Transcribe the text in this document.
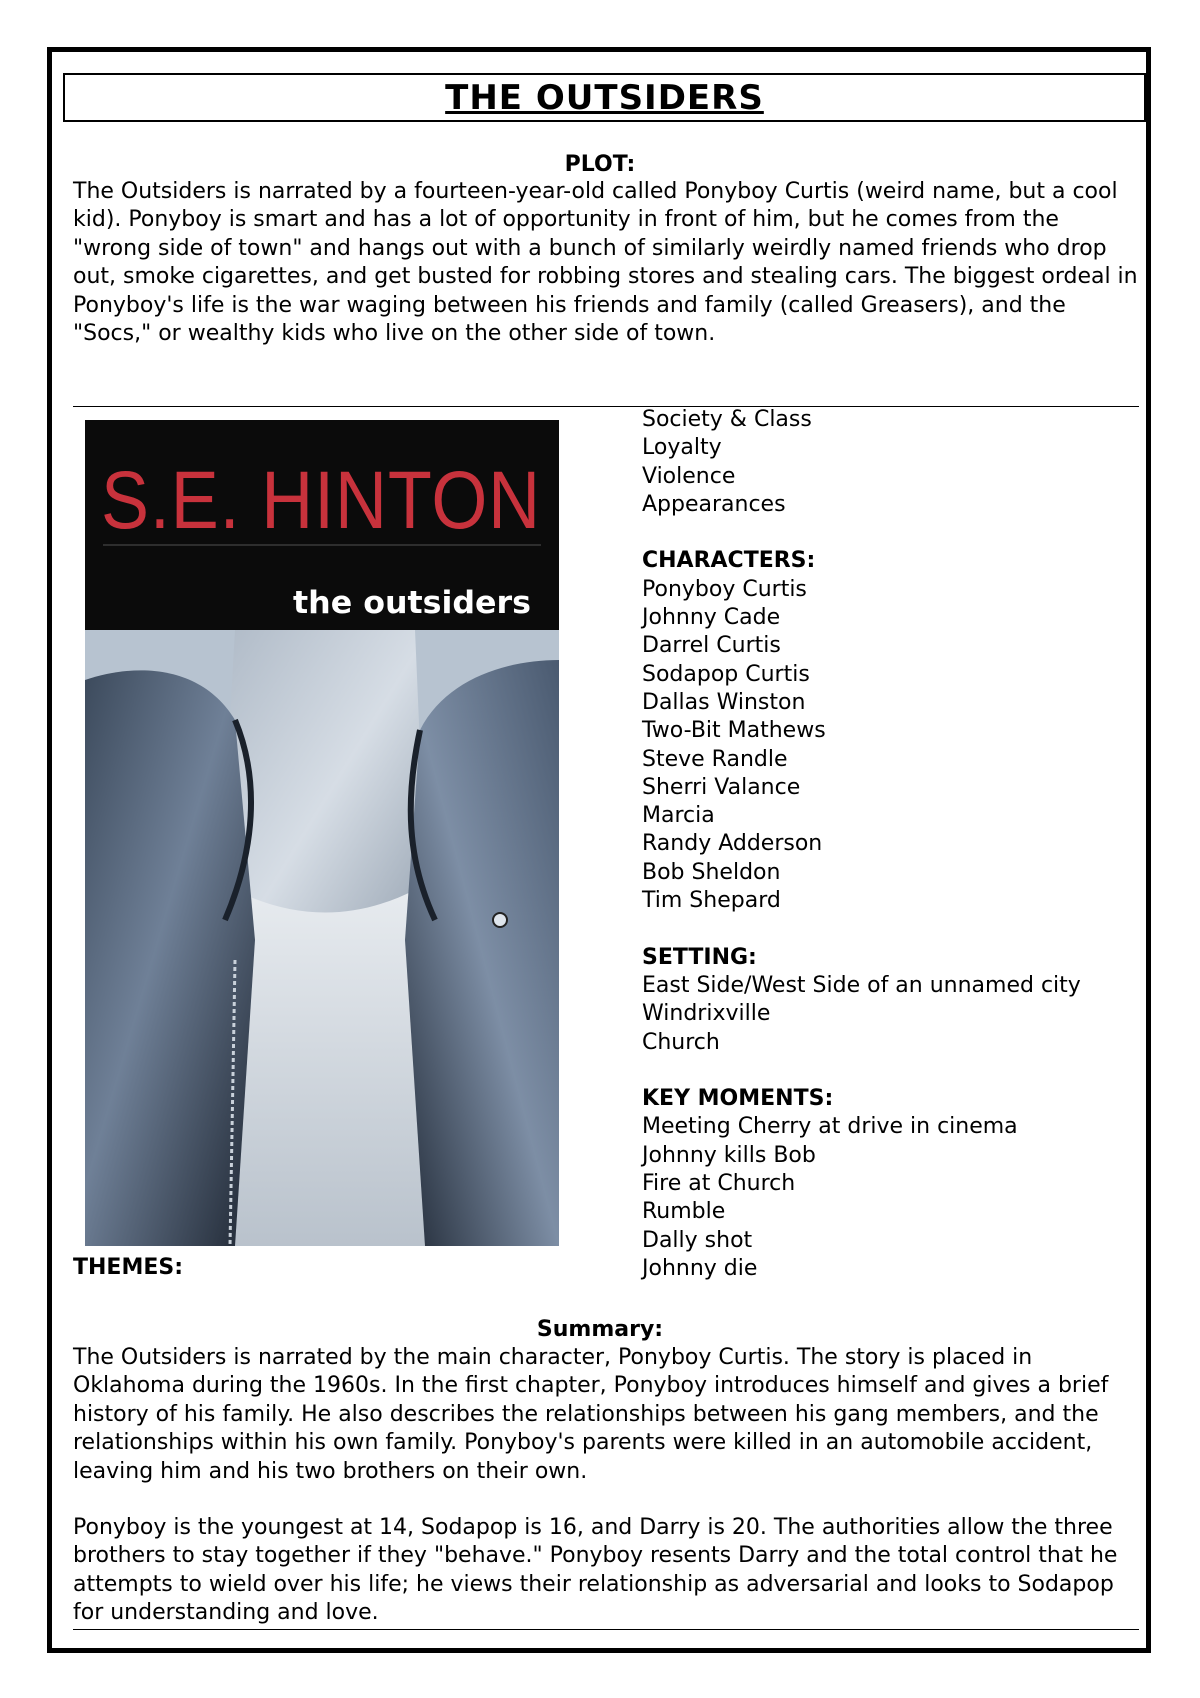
THE OUTSIDERS
PLOT:

The Outsiders is narrated by a fourteen-year-old called Ponyboy Curtis (weird name, but a cool kid). Ponyboy is smart and has a lot of opportunity in front of him, but he comes from the "wrong side of town" and hangs out with a bunch of similarly weirdly named friends who drop out, smoke cigarettes, and get busted for robbing stores and stealing cars. The biggest ordeal in Ponyboy's life is the war waging between his friends and family (called Greasers), and the "Socs," or wealthy kids who live on the other side of town.

S.E. HINTON
the outsiders
Society & Class
Loyalty
Violence
Appearances
CHARACTERS:
Ponyboy Curtis
Johnny Cade
Darrel Curtis
Sodapop Curtis
Dallas Winston
Two-Bit Mathews
Steve Randle
Sherri Valance
Marcia
Randy Adderson
Bob Sheldon
Tim Shepard
SETTING:
East Side/West Side of an unnamed city
Windrixville
Church
KEY MOMENTS:
Meeting Cherry at drive in cinema
Johnny kills Bob
Fire at Church
Rumble
Dally shot
Johnny die
THEMES:
Summary:

The Outsiders is narrated by the main character, Ponyboy Curtis. The story is placed in Oklahoma during the 1960s. In the first chapter, Ponyboy introduces himself and gives a brief history of his family. He also describes the relationships between his gang members, and the relationships within his own family. Ponyboy's parents were killed in an automobile accident, leaving him and his two brothers on their own.

Ponyboy is the youngest at 14, Sodapop is 16, and Darry is 20. The authorities allow the three brothers to stay together if they "behave." Ponyboy resents Darry and the total control that he attempts to wield over his life; he views their relationship as adversarial and looks to Sodapop for understanding and love.
